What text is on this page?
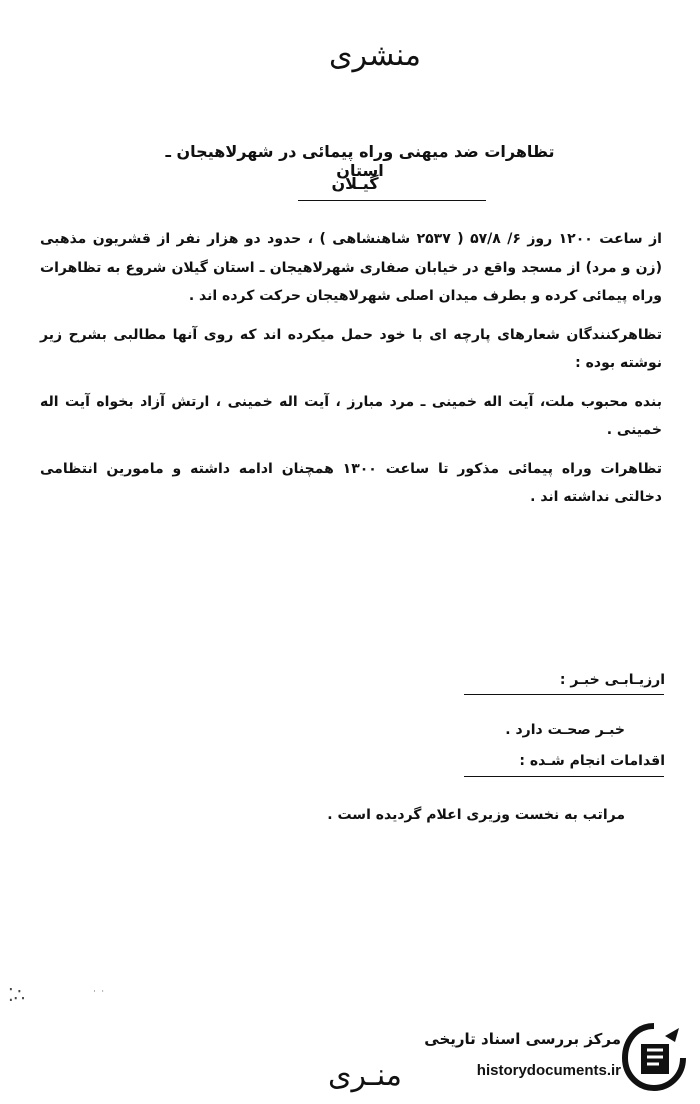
منشری
تظاهرات ضد میهنی وراه پیمائی در شهرلاهیجان ـ استان
گیـلان

از ساعت ۱۲۰۰ روز ۶/ ۵۷/۸ ( ۲۵۳۷ شاهنشاهی ) ، حدود دو هزار نفر از قشریون مذهبی (زن و مرد) از مسجد واقع در خیابان صفاری شهرلاهیجان ـ استان گیلان شروع به تظاهرات وراه پیمائی کرده و بطرف میدان اصلی شهرلاهیجان حرکت کرده اند .

تظاهرکنندگان شعارهای پارچه ای با خود حمل میکرده اند که روی آنها مطالبی بشرح زیر نوشته بوده :

بنده محبوب ملت، آیت اله خمینی ـ مرد مبارز ، آیت اله خمینی ، ارتش آزاد بخواه آیت اله خمینی .

تظاهرات وراه پیمائی مذکور تا ساعت ۱۳۰۰ همچنان ادامه داشته و مامورین انتظامی دخالتی نداشته اند .

ارزیـابـی خبـر :
خبـر صحـت دارد .
اقدامات انجام شـده :
مراتب به نخست وزیری اعلام گردیده است .
⁚∴	˙ ˙
منـری
مرکز بررسی اسناد تاریخی
historydocuments.ir
